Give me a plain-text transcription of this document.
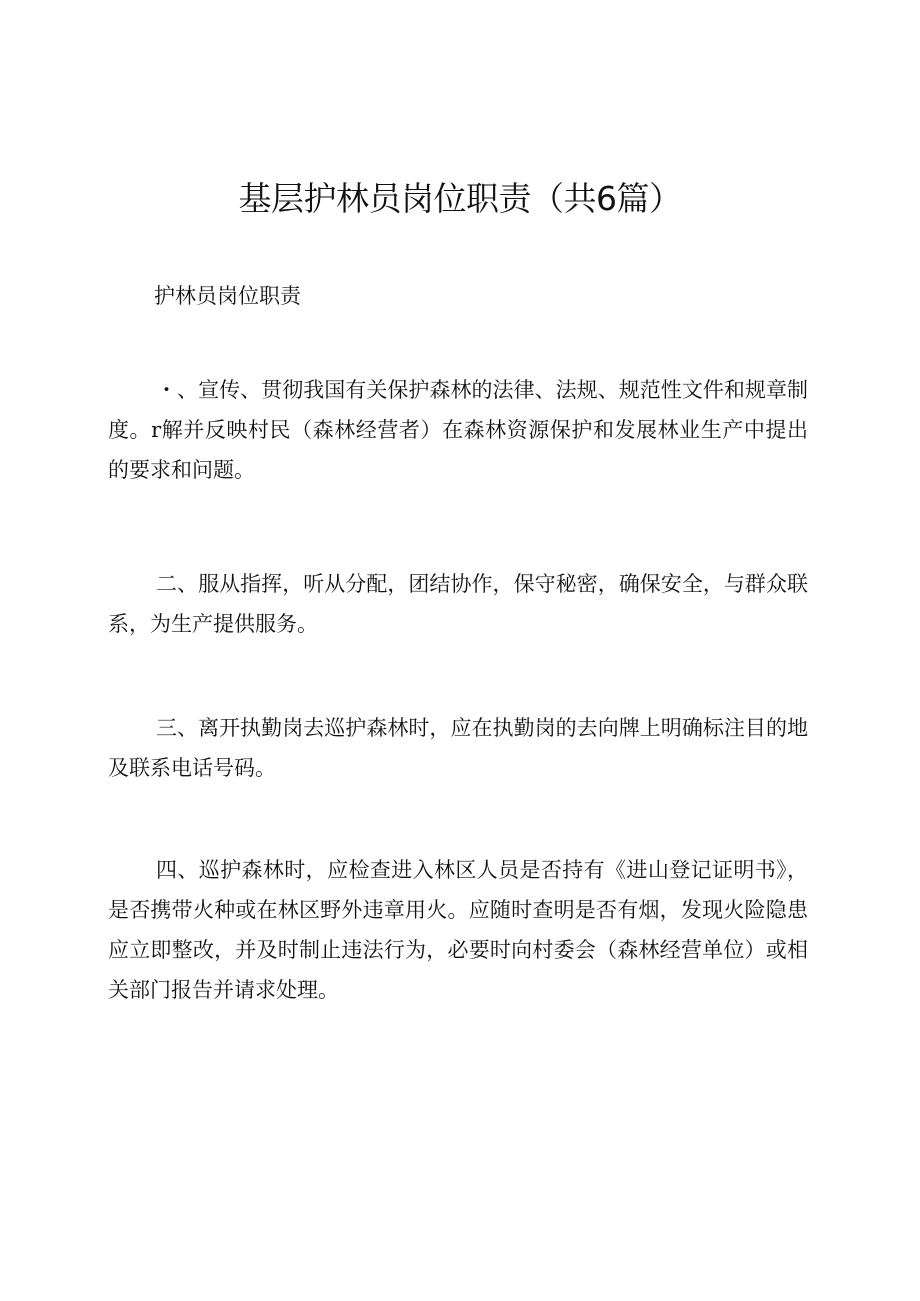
基层护林员岗位职责（共6篇）
护林员岗位职责

・、宣传、贯彻我国有关保护森林的法律、法规、规范性文件和规章制度。r解并反映村民（森林经营者）在森林资源保护和发展林业生产中提出的要求和问题。

二、服从指挥，听从分配，团结协作，保守秘密，确保安全，与群众联系，为生产提供服务。

三、离开执勤岗去巡护森林时，应在执勤岗的去向牌上明确标注目的地及联系电话号码。

四、巡护森林时，应检查进入林区人员是否持有《进山登记证明书》，是否携带火种或在林区野外违章用火。应随时查明是否有烟，发现火险隐患应立即整改，并及时制止违法行为，必要时向村委会（森林经营单位）或相关部门报告并请求处理。
